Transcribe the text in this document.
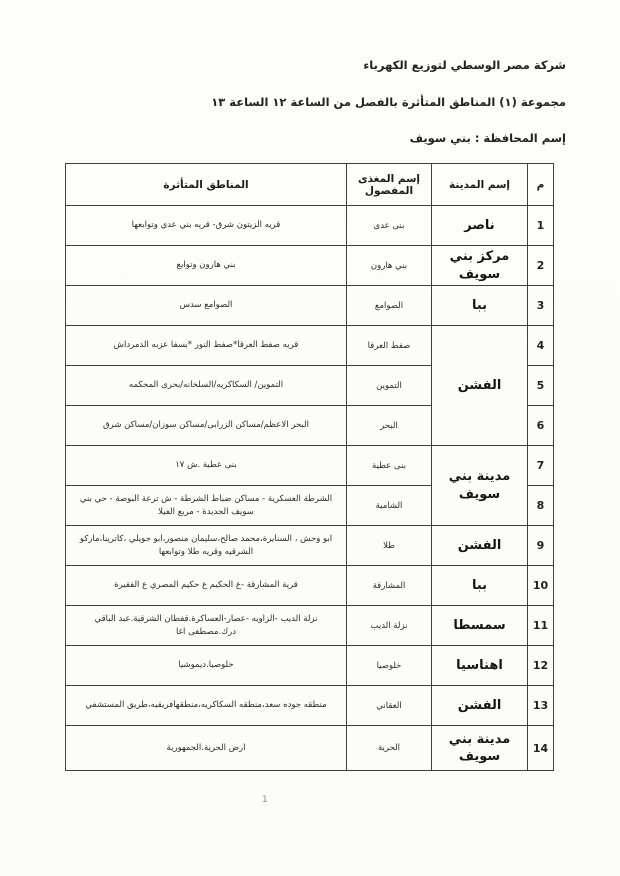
شركة مصر الوسطي لتوزيع الكهرباء
مجموعة (١) المناطق المتأثرة بالفصل من الساعة ١٢ الساعة ١٣
إسم المحافظة : بني سويف
م	إسم المدينة	إسم المغذى المفصول	المناطق المتأثرة
1	ناصر	بنى عدى	قريه الزيتون شرق- قريه بني عدي وتوابعها
2	مركز بني سويف	بني هارون	بني هارون وتوابع
3	ببا	الصوامع	الصوامع سدس
4	الفشن	صفط العرقا	قريه صفط العرقا*صفط النور *بسفا عزبه الدمرداش
5		التموين	التموين/ السكاكريه/السلخانه/بحرى المحكمه
6		البحر	البحر الاعظم/مساكن الزرابى/مساكن سوزان/مساكن شرق
7	مدينة بني سويف	بنى عطية	بنى عطية .ش ١٧
8		الشامية	الشرطة العسكرية - مساكن ضباط الشرطة - ش ترعة البوصة - حي بني سويف الجديدة - مربع الفيلا
9	الفشن	طلا	ابو وحش ، السنايرة،محمد صالح،سليمان منصور،ابو جويلي ،كاترينا،ماركو الشرقيه وقريه طلا وتوابعها
10	ببا	المشارقة	قرية المشارقة -ع الحكيم ع حكيم المصري ع الفقيرة
11	سمسطا	نزلة الديب	نزلة الديب -الزاويه -عصار-العساكرة.قفطان الشرقية.عبد الباقي درك.مصطفى اغا
12	اهناسيا	خلوصيا	خلوصيا.ديموشيا
13	الفشن	العقاني	منطقه جوده سعد،منطقه السكاكريه،منطقهافريقيه،طريق المستشفي
14	مدينة بني سويف	الحرية	ارض الحرية.الجمهورية
1
